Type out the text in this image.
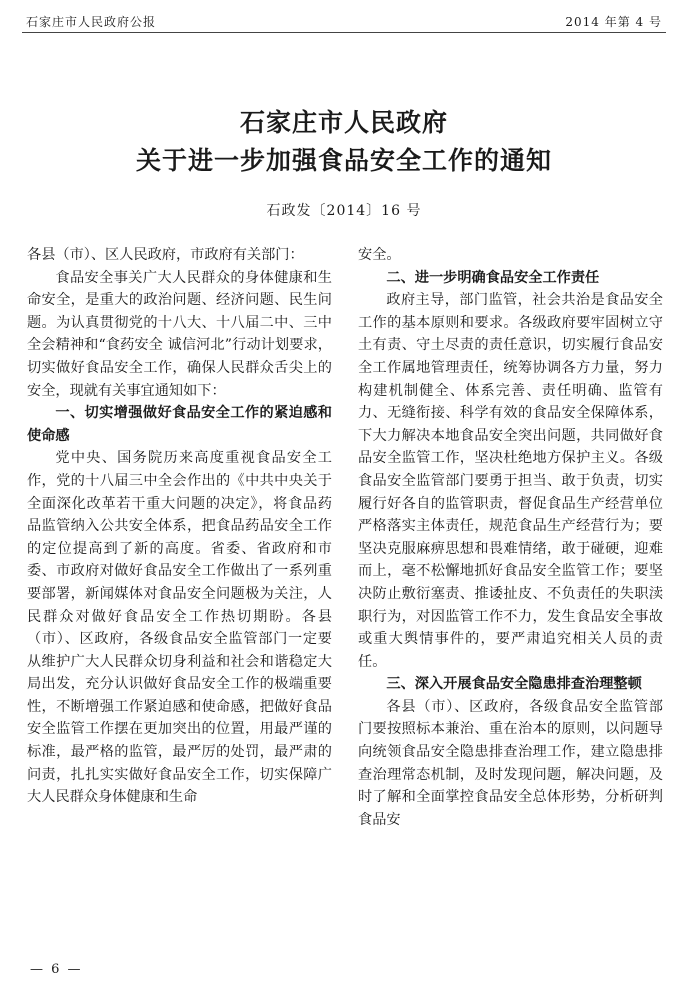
石家庄市人民政府公报	2014 年第 4 号
石家庄市人民政府
关于进一步加强食品安全工作的通知
石政发〔2014〕16 号

各县（市）、区人民政府，市政府有关部门：

食品安全事关广大人民群众的身体健康和生命安全，是重大的政治问题、经济问题、民生问题。为认真贯彻党的十八大、十八届二中、三中全会精神和“食药安全 诚信河北”行动计划要求，切实做好食品安全工作，确保人民群众舌尖上的安全，现就有关事宜通知如下：

一、切实增强做好食品安全工作的紧迫感和使命感

党中央、国务院历来高度重视食品安全工作，党的十八届三中全会作出的《中共中央关于全面深化改革若干重大问题的决定》，将食品药品监管纳入公共安全体系，把食品药品安全工作的定位提高到了新的高度。省委、省政府和市委、市政府对做好食品安全工作做出了一系列重要部署，新闻媒体对食品安全问题极为关注，人民群众对做好食品安全工作热切期盼。各县（市）、区政府，各级食品安全监管部门一定要从维护广大人民群众切身利益和社会和谐稳定大局出发，充分认识做好食品安全工作的极端重要性，不断增强工作紧迫感和使命感，把做好食品安全监管工作摆在更加突出的位置，用最严谨的标准，最严格的监管，最严厉的处罚，最严肃的问责，扎扎实实做好食品安全工作，切实保障广大人民群众身体健康和生命

安全。

二、进一步明确食品安全工作责任

政府主导，部门监管，社会共治是食品安全工作的基本原则和要求。各级政府要牢固树立守土有责、守土尽责的责任意识，切实履行食品安全工作属地管理责任，统筹协调各方力量，努力构建机制健全、体系完善、责任明确、监管有力、无缝衔接、科学有效的食品安全保障体系，下大力解决本地食品安全突出问题，共同做好食品安全监管工作，坚决杜绝地方保护主义。各级食品安全监管部门要勇于担当、敢于负责，切实履行好各自的监管职责，督促食品生产经营单位严格落实主体责任，规范食品生产经营行为；要坚决克服麻痹思想和畏难情绪，敢于碰硬，迎难而上，毫不松懈地抓好食品安全监管工作；要坚决防止敷衍塞责、推诿扯皮、不负责任的失职渎职行为，对因监管工作不力，发生食品安全事故或重大舆情事件的，要严肃追究相关人员的责任。

三、深入开展食品安全隐患排查治理整顿

各县（市）、区政府，各级食品安全监管部门要按照标本兼治、重在治本的原则，以问题导向统领食品安全隐患排查治理工作，建立隐患排查治理常态机制，及时发现问题，解决问题，及时了解和全面掌控食品安全总体形势，分析研判食品安

— 6 —
